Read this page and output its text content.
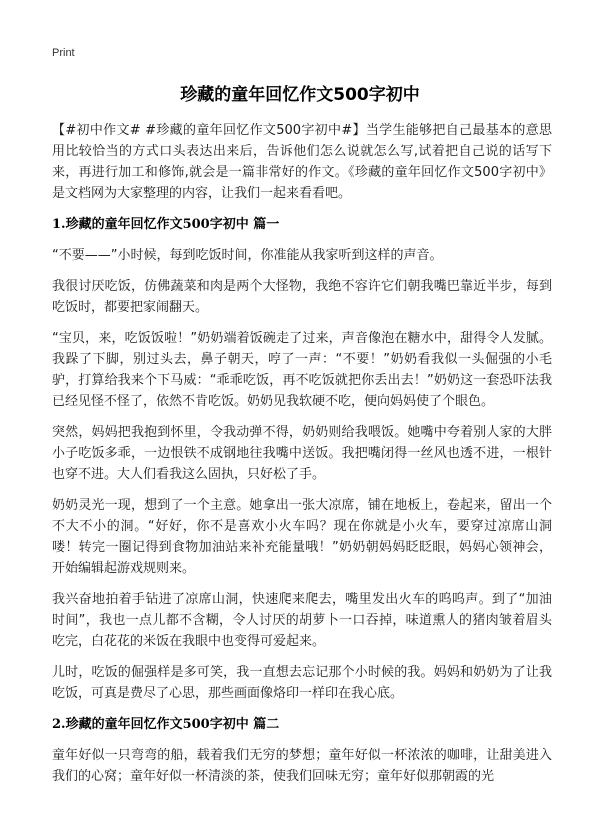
Print
珍藏的童年回忆作文500字初中

【#初中作文# #珍藏的童年回忆作文500字初中#】当学生能够把自己最基本的意思用比较恰当的方式口头表达出来后，告诉他们怎么说就怎么写,试着把自己说的话写下来，再进行加工和修饰,就会是一篇非常好的作文。《珍藏的童年回忆作文500字初中》是文档网为大家整理的内容，让我们一起来看看吧。

1.珍藏的童年回忆作文500字初中 篇一

“不要——”小时候，每到吃饭时间，你准能从我家听到这样的声音。

我很讨厌吃饭，仿佛蔬菜和肉是两个大怪物，我绝不容许它们朝我嘴巴靠近半步，每到吃饭时，都要把家闹翻天。

“宝贝，来，吃饭饭啦！”奶奶端着饭碗走了过来，声音像泡在糖水中，甜得令人发腻。我跺了下脚，别过头去，鼻子朝天，哼了一声：“不要！”奶奶看我似一头倔强的小毛驴，打算给我来个下马威：“乖乖吃饭，再不吃饭就把你丢出去！”奶奶这一套恐吓法我已经见怪不怪了，依然不肯吃饭。奶奶见我软硬不吃，便向妈妈使了个眼色。

突然，妈妈把我抱到怀里，令我动弹不得，奶奶则给我喂饭。她嘴中夸着别人家的大胖小子吃饭多乖，一边恨铁不成钢地往我嘴中送饭。我把嘴闭得一丝风也透不进，一根针也穿不进。大人们看我这么固执，只好松了手。

奶奶灵光一现，想到了一个主意。她拿出一张大凉席，铺在地板上，卷起来，留出一个不大不小的洞。“好好，你不是喜欢小火车吗？现在你就是小火车，要穿过凉席山洞喽！转完一圈记得到食物加油站来补充能量哦！”奶奶朝妈妈眨眨眼，妈妈心领神会，开始编辑起游戏规则来。

我兴奋地拍着手钻进了凉席山洞，快速爬来爬去，嘴里发出火车的呜呜声。到了“加油时间”，我也一点儿都不含糊，令人讨厌的胡萝卜一口吞掉，味道熏人的猪肉皱着眉头吃完，白花花的米饭在我眼中也变得可爱起来。

儿时，吃饭的倔强样是多可笑，我一直想去忘记那个小时候的我。妈妈和奶奶为了让我吃饭，可真是费尽了心思，那些画面像烙印一样印在我心底。

2.珍藏的童年回忆作文500字初中 篇二

童年好似一只弯弯的船，载着我们无穷的梦想；童年好似一杯浓浓的咖啡，让甜美进入我们的心窝；童年好似一杯清淡的茶，使我们回味无穷；童年好似那朝霞的光
